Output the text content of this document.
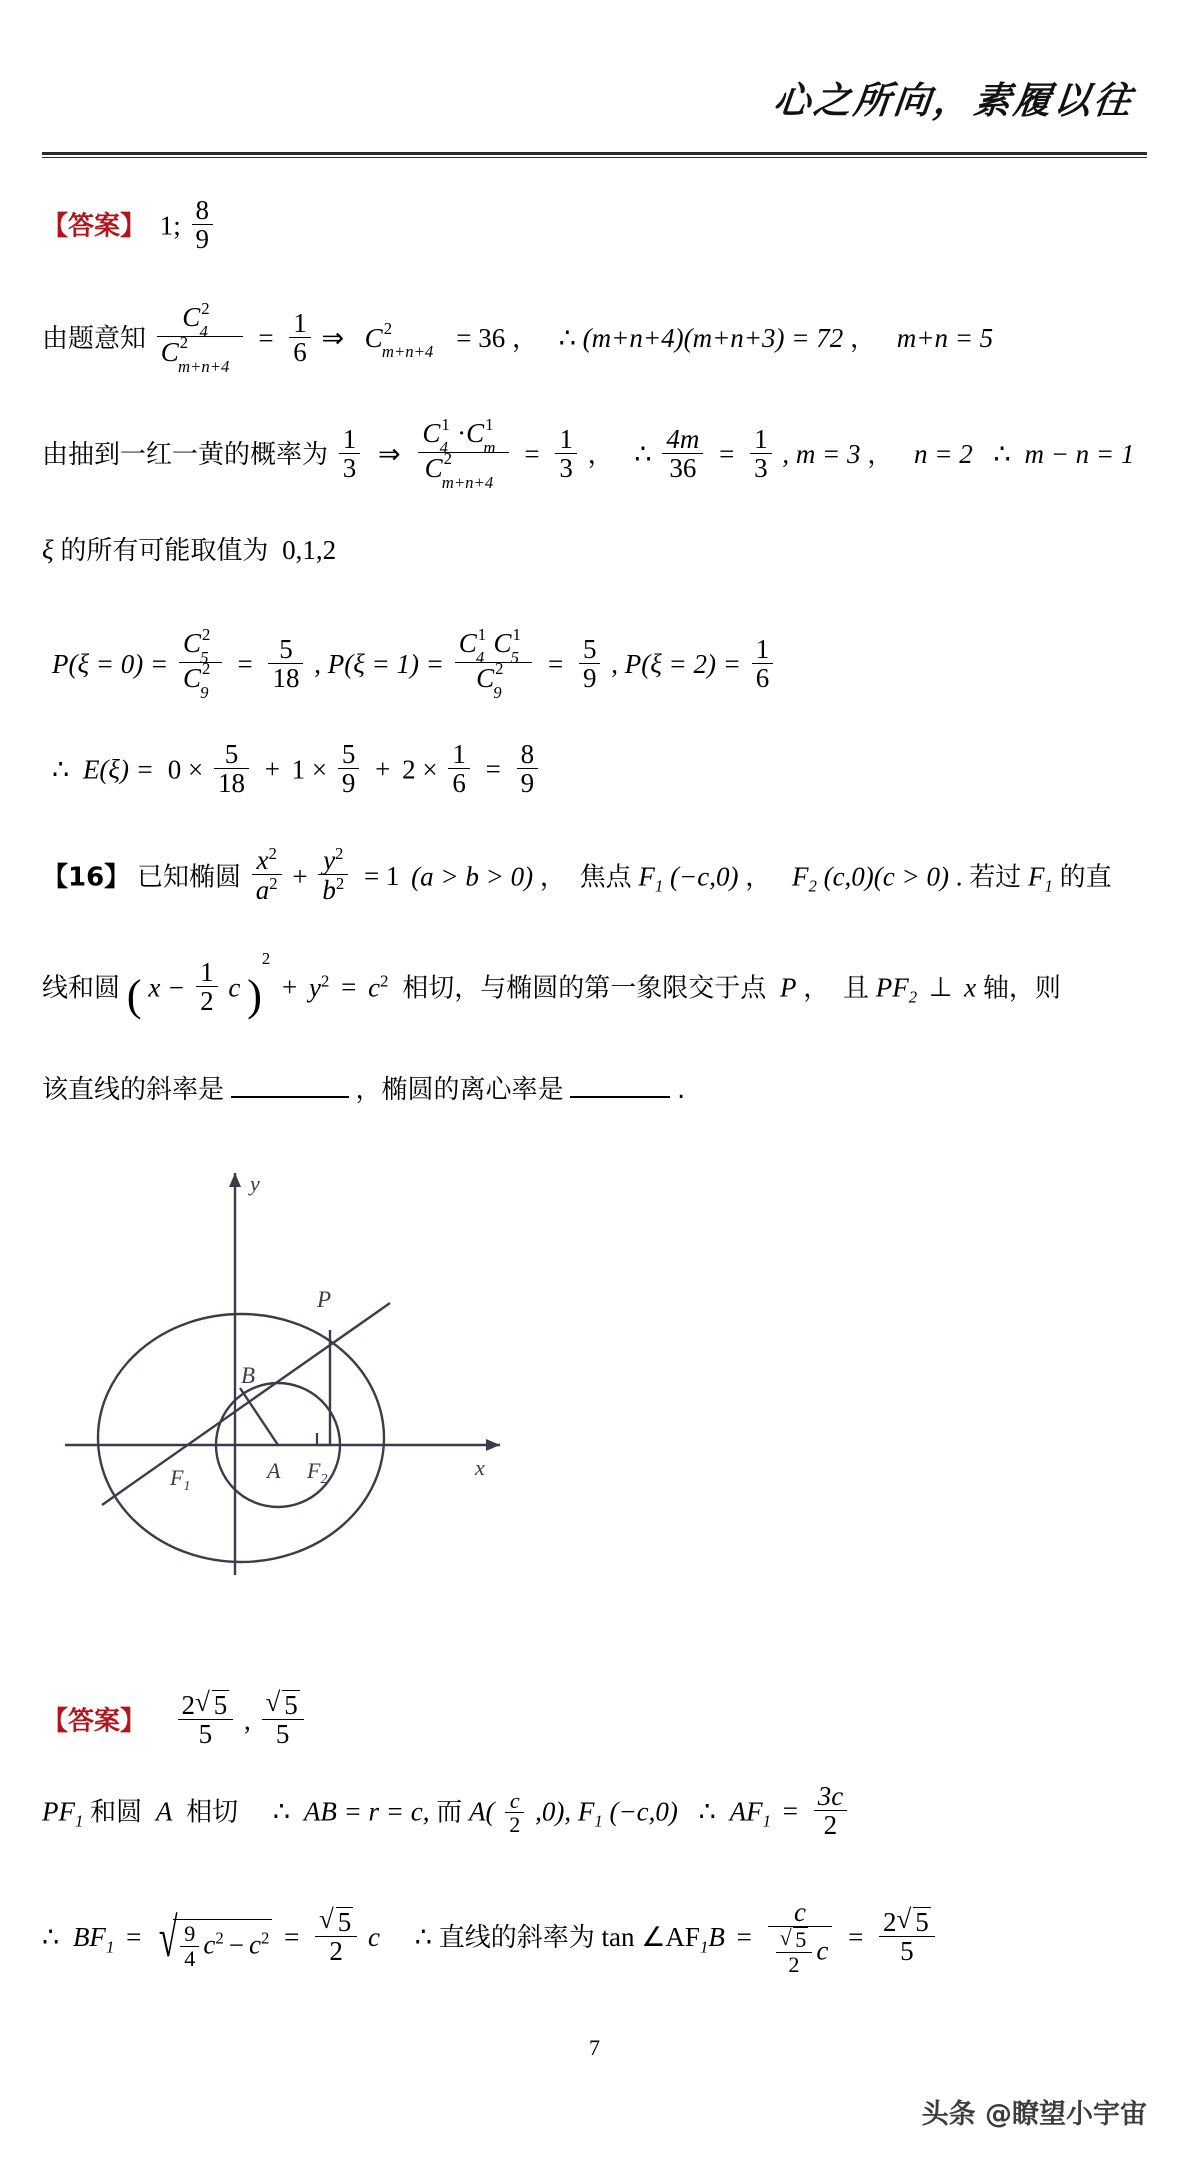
心之所向，素履以往
【答案】 1; $\frac{8}{9}$
由题意知 $\frac{C^2_4}{C^2_{m+n+4}} = \frac{1}{6}$ ⇒ $C^2_{m+n+4} = 36$ ， ∴ (m+n+4)(m+n+3) = 72 ， m+n = 5
由抽到一红一黄的概率为 $\frac{1}{3}$ ⇒ $\frac{C^1_4 \cdot C^1_m}{C^2_{m+n+4}} = \frac{1}{3}$ ， ∴ $\frac{4m}{36} = \frac{1}{3}$ , m = 3 ， n = 2 ∴ m − n = 1
ξ 的所有可能取值为 0,1,2
$P(\xi = 0) = \frac{C^2_5}{C^2_9} = \frac{5}{18}$ , $P(\xi = 1) = \frac{C^1_4 C^1_5}{C^2_9} = \frac{5}{9}$ , $P(\xi = 2) = \frac{1}{6}$
∴ $E(\xi) = 0 \times \frac{5}{18} + 1 \times \frac{5}{9} + 2 \times \frac{1}{6} = \frac{8}{9}$
【16】 已知椭圆 $\frac{x^2}{a^2} + \frac{y^2}{b^2} = 1$ (a > b > 0) ， 焦点 $F_1$ (−c,0) ， $F_2$ (c,0)(c > 0) . 若过 $F_1$ 的直
线和圆 ( $x - \frac{1}{2}$ c )$^2 + y^2 = c^2$ 相切，与椭圆的第一象限交于点 P ， 且 $PF_2$ ⊥ x 轴，则
该直线的斜率是	，椭圆的离心率是	.
y
x
P
B
A
$F_1$
$F_2$
【答案】 $\frac{2 √ 5}{5}$ , √ $\frac{5}{5}$
$PF_1$ 和圆 A 相切 ∴ AB = r = c, 而 $A( \frac{c}{2} ,0)$, $F_1$ (−c,0) ∴ $AF_1 = \frac{3c}{2}$
∴ $BF_1$ = √ $\frac{9}{4} c^2 - c^2$ = √ $\frac{5}{2}$ c ∴ 直线的斜率为 $\tan \angle AF_1B = c$
√ $\frac{5}{2}$ $c = \frac{2 √ 5}{5}$
7
头条 @瞭望小宇宙
